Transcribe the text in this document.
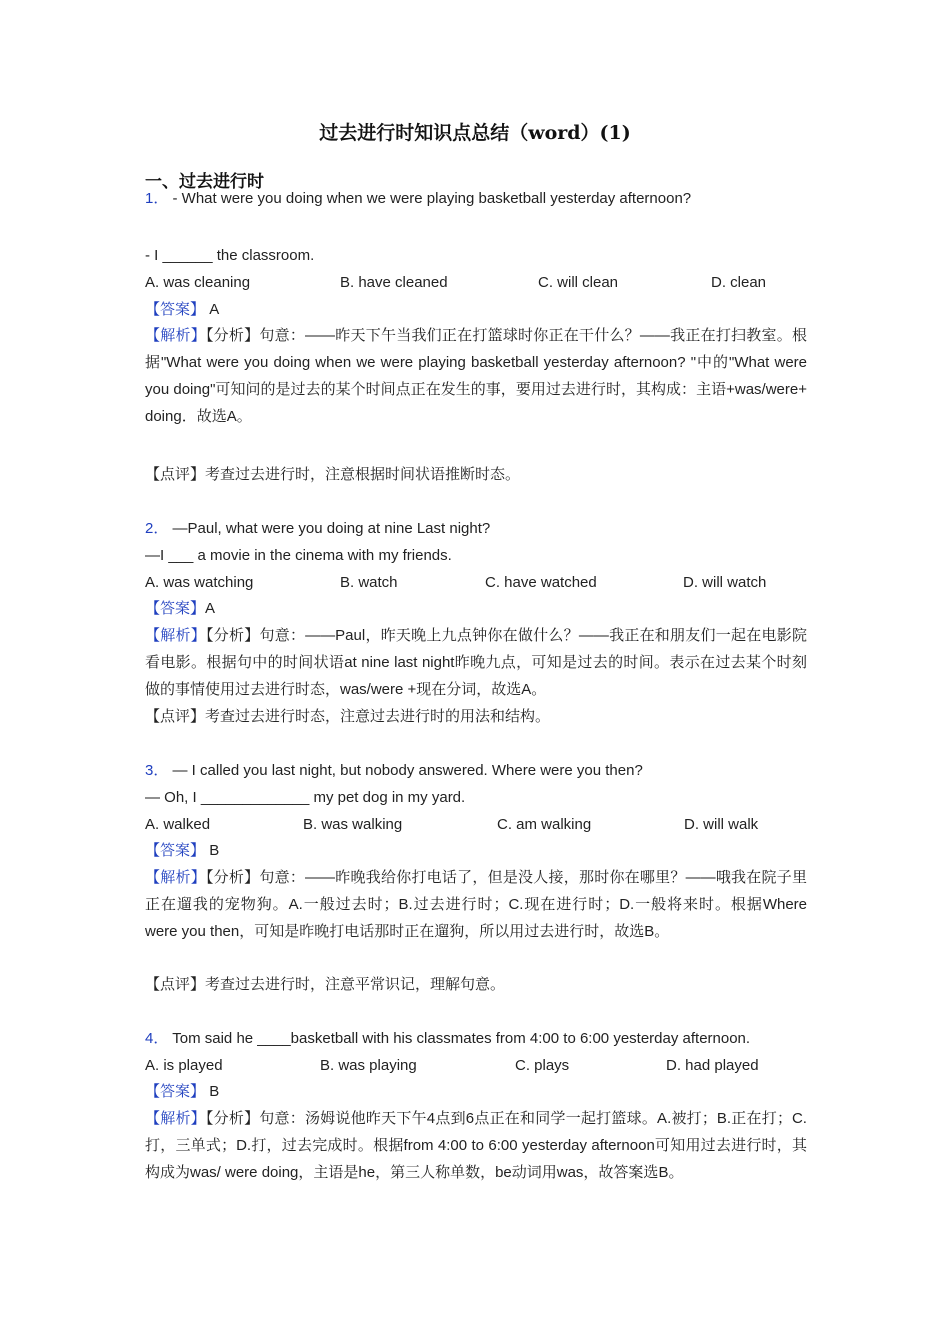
过去进行时知识点总结（word）(1)
一、过去进行时
1． - What were you doing when we were playing basketball yesterday afternoon?
- I ______ the classroom.
A. was cleaning	B. have cleaned	C. will clean	D. clean
【答案】 A
【解析】【分析】句意：——昨天下午当我们正在打篮球时你正在干什么？——我正在打扫教室。根据"What were you doing when we were playing basketball yesterday afternoon? "中的"What were you doing"可知问的是过去的某个时间点正在发生的事，要用过去进行时，其构成：主语+was/were+ doing．故选A。
【点评】考查过去进行时，注意根据时间状语推断时态。
2． —Paul, what were you doing at nine Last night?
—I ___ a movie in the cinema with my friends.
A. was watching	B. watch	C. have watched	D. will watch
【答案】A
【解析】【分析】句意：——Paul，昨天晚上九点钟你在做什么？——我正在和朋友们一起在电影院看电影。根据句中的时间状语at nine last night昨晚九点，可知是过去的时间。表示在过去某个时刻做的事情使用过去进行时态，was/were +现在分词，故选A。
【点评】考查过去进行时态，注意过去进行时的用法和结构。
3． — I called you last night, but nobody answered. Where were you then?
— Oh, I _____________ my pet dog in my yard.
A. walked	B. was walking	C. am walking	D. will walk
【答案】 B
【解析】【分析】句意：——昨晚我给你打电话了，但是没人接，那时你在哪里？——哦我在院子里正在遛我的宠物狗。A.一般过去时；B.过去进行时；C.现在进行时；D.一般将来时。根据Where were you then，可知是昨晚打电话那时正在遛狗，所以用过去进行时，故选B。
【点评】考查过去进行时，注意平常识记，理解句意。
4． Tom said he ____basketball with his classmates from 4:00 to 6:00 yesterday afternoon.
A. is played	B. was playing	C. plays	D. had played
【答案】 B
【解析】【分析】句意：汤姆说他昨天下午4点到6点正在和同学一起打篮球。A.被打；B.正在打；C.打，三单式；D.打，过去完成时。根据from 4:00 to 6:00 yesterday afternoon可知用过去进行时，其构成为was/ were doing，主语是he，第三人称单数，be动词用was，故答案选B。
